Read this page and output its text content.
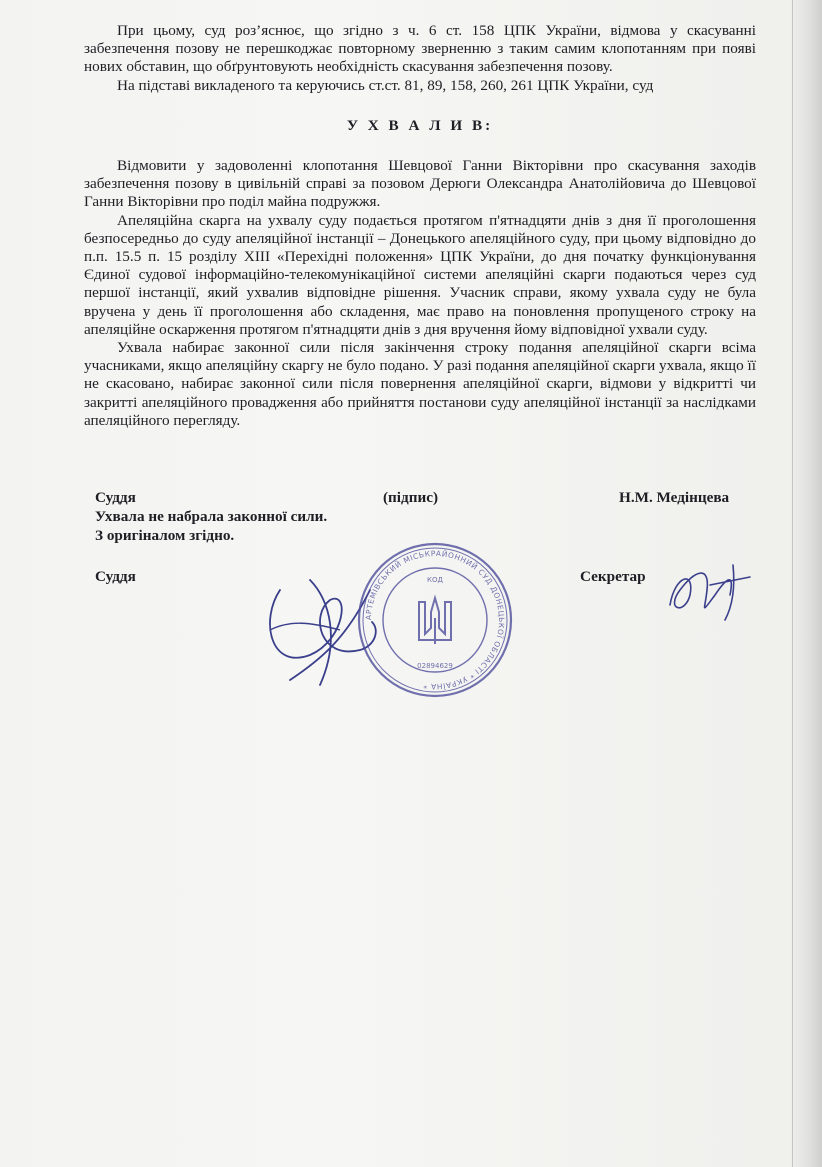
При цьому, суд роз’яснює, що згідно з ч. 6 ст. 158 ЦПК України, відмова у скасуванні забезпечення позову не перешкоджає повторному зверненню з таким самим клопотанням при появі нових обставин, що обґрунтовують необхідність скасування забезпечення позову.

На підставі викладеного та керуючись ст.ст. 81, 89, 158, 260, 261 ЦПК України, суд

У Х В А Л И В:

Відмовити у задоволенні клопотання Шевцової Ганни Вікторівни про скасування заходів забезпечення позову в цивільній справі за позовом Дерюги Олександра Анатолійовича до Шевцової Ганни Вікторівни про поділ майна подружжя.

Апеляційна скарга на ухвалу суду подається протягом п'ятнадцяти днів з дня її проголошення безпосередньо до суду апеляційної інстанції – Донецького апеляційного суду, при цьому відповідно до п.п. 15.5 п. 15 розділу XIII «Перехідні положення» ЦПК України, до дня початку функціонування Єдиної судової інформаційно-телекомунікаційної системи апеляційні скарги подаються через суд першої інстанції, який ухвалив відповідне рішення. Учасник справи, якому ухвала суду не була вручена у день її проголошення або складення, має право на поновлення пропущеного строку на апеляційне оскарження протягом п'ятнадцяти днів з дня вручення йому відповідної ухвали суду.

Ухвала набирає законної сили після закінчення строку подання апеляційної скарги всіма учасниками, якщо апеляційну скаргу не було подано. У разі подання апеляційної скарги ухвала, якщо її не скасовано, набирає законної сили після повернення апеляційної скарги, відмови у відкритті чи закритті апеляційного провадження або прийняття постанови суду апеляційної інстанції за наслідками апеляційного перегляду.

Суддя	(підпис)	Н.М. Медінцева
Ухвала не набрала законної сили.
З оригіналом згідно.
Суддя	Секретар
АРТЕМІВСЬКИЙ МІСЬКРАЙОННИЙ СУД ДОНЕЦЬКОЇ ОБЛАСТІ * УКРАЇНА *
КОД
02894629
